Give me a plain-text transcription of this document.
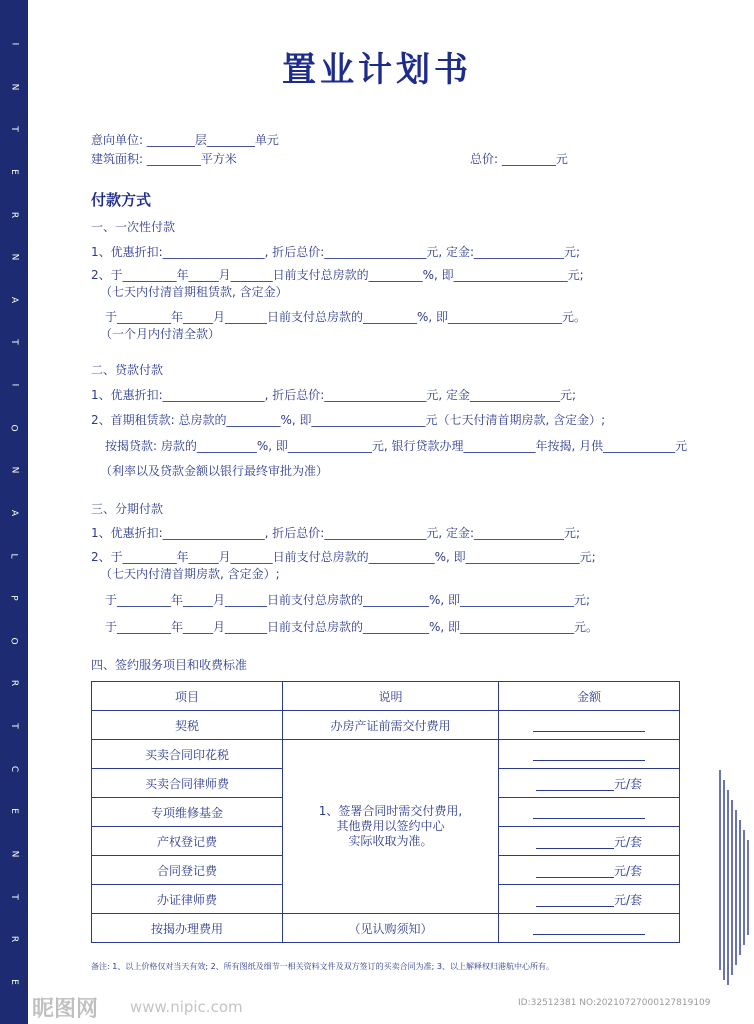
I
N
T
E
R
N
A
T
I
O
N
A
L
P
O
R
T
C
E
N
T
R
E
置业计划书
意向单位: ________层________单元
建筑面积: _________平方米	总价: _________元
付款方式
一、一次性付款
1、优惠折扣:_________________, 折后总价:_________________元, 定金:_______________元;
2、于_________年_____月_______日前支付总房款的_________%, 即___________________元;
（七天内付清首期租赁款, 含定金）
于_________年_____月_______日前支付总房款的_________%, 即___________________元。
（一个月内付清全款）
二、贷款付款
1、优惠折扣:_________________, 折后总价:_________________元, 定金_______________元;
2、首期租赁款: 总房款的_________%, 即___________________元（七天付清首期房款, 含定金）;
按揭贷款: 房款的__________%, 即______________元, 银行贷款办理____________年按揭, 月供____________元
（利率以及贷款金额以银行最终审批为准）
三、分期付款
1、优惠折扣:_________________, 折后总价:_________________元, 定金:_______________元;
2、于_________年_____月_______日前支付总房款的___________%, 即___________________元;
（七天内付清首期房款, 含定金）;
于_________年_____月_______日前支付总房款的___________%, 即___________________元;
于_________年_____月_______日前支付总房款的___________%, 即___________________元。
四、签约服务项目和收费标准
项目	说明	金额
契税	办房产证前需交付费用	
买卖合同印花税	1、签署合同时需交付费用,
其他费用以签约中心
实际收取为准。	

买卖合同律师费		元/套
专项维修基金		
产权登记费		元/套
合同登记费		元/套
办证律师费		元/套
按揭办理费用	（见认购须知）	
备注: 1、以上价格仅对当天有效; 2、所有图纸及细节一相关资料文件及双方签订的买卖合同为准; 3、以上解释权归港航中心所有。
昵图网 www.nipic.com	ID:32512381 NO:20210727000127819109
